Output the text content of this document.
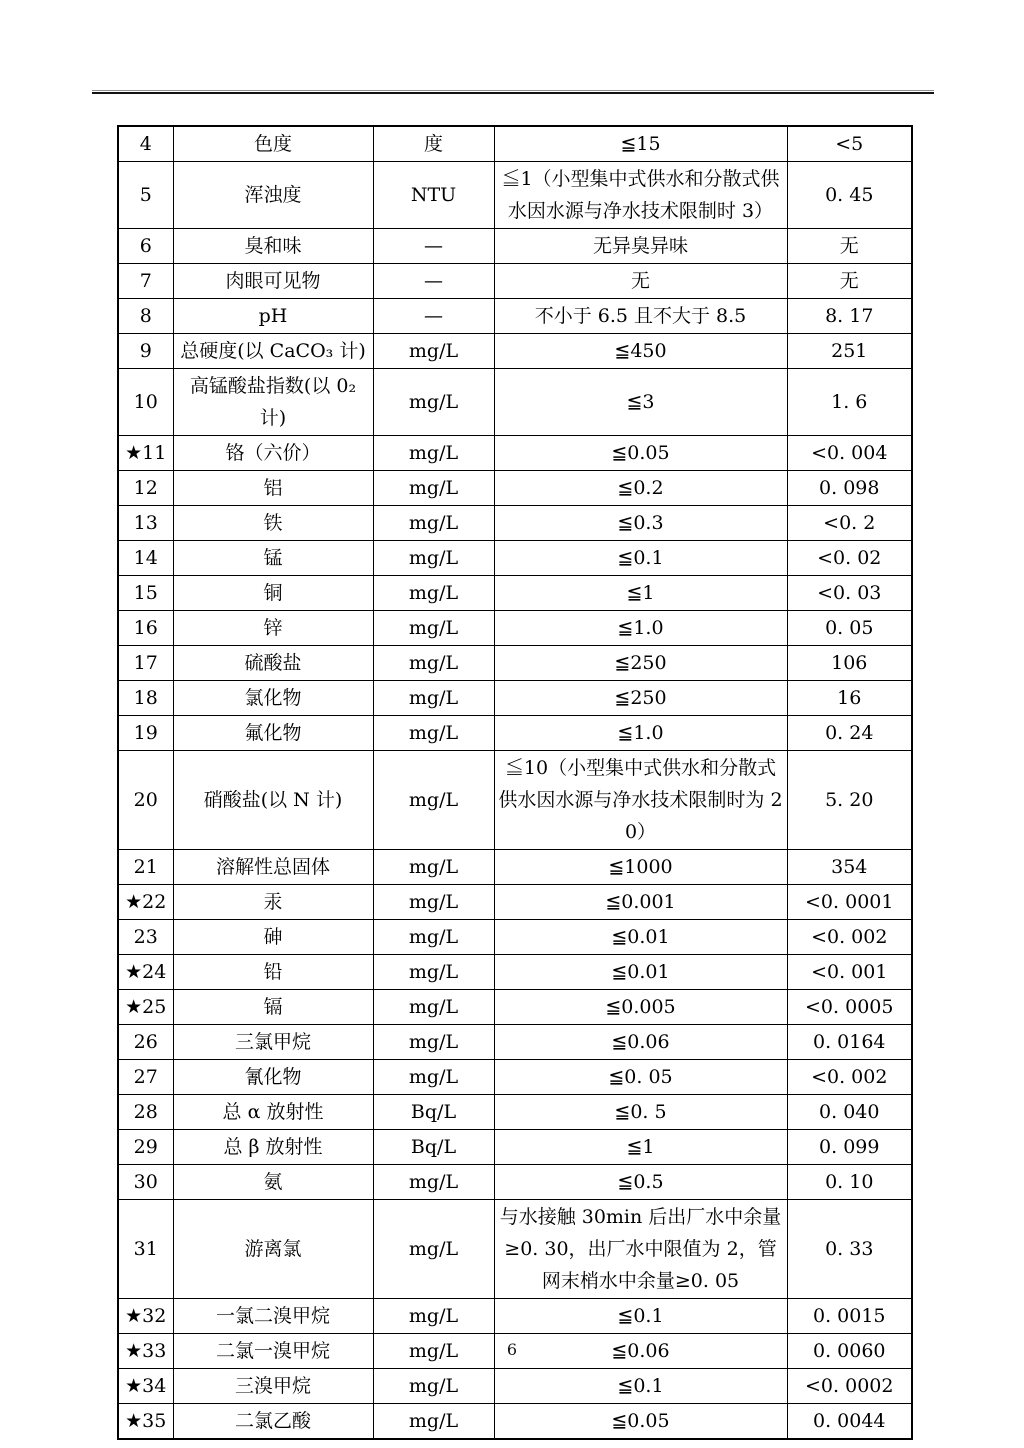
4	色度	度	≦15	<5
5	浑浊度	NTU	≦1（小型集中式供水和分散式供水因水源与净水技术限制时 3）	0. 45
6	臭和味	—	无异臭异味	无
7	肉眼可见物	—	无	无
8	pH	—	不小于 6.5 且不大于 8.5	8. 17
9	总硬度(以 CaCO₃ 计)	mg/L	≦450	251
10	高锰酸盐指数(以 0₂ 计)	mg/L	≦3	1. 6
★11	铬（六价）	mg/L	≦0.05	<0. 004
12	铝	mg/L	≦0.2	0. 098
13	铁	mg/L	≦0.3	<0. 2
14	锰	mg/L	≦0.1	<0. 02
15	铜	mg/L	≦1	<0. 03
16	锌	mg/L	≦1.0	0. 05
17	硫酸盐	mg/L	≦250	106
18	氯化物	mg/L	≦250	16
19	氟化物	mg/L	≦1.0	0. 24
20	硝酸盐(以 N 计)	mg/L	≦10（小型集中式供水和分散式供水因水源与净水技术限制时为 20）	5. 20
21	溶解性总固体	mg/L	≦1000	354
★22	汞	mg/L	≦0.001	<0. 0001
23	砷	mg/L	≦0.01	<0. 002
★24	铅	mg/L	≦0.01	<0. 001
★25	镉	mg/L	≦0.005	<0. 0005
26	三氯甲烷	mg/L	≦0.06	0. 0164
27	氰化物	mg/L	≦0. 05	<0. 002
28	总 α 放射性	Bq/L	≦0. 5	0. 040
29	总 β 放射性	Bq/L	≦1	0. 099
30	氨	mg/L	≦0.5	0. 10
31	游离氯	mg/L	与水接触 30min 后出厂水中余量≥0. 30，出厂水中限值为 2，管网末梢水中余量≥0. 05	0. 33
★32	一氯二溴甲烷	mg/L	≦0.1	0. 0015
★33	二氯一溴甲烷	mg/L	≦0.06	0. 0060
★34	三溴甲烷	mg/L	≦0.1	<0. 0002
★35	二氯乙酸	mg/L	≦0.05	0. 0044
6
